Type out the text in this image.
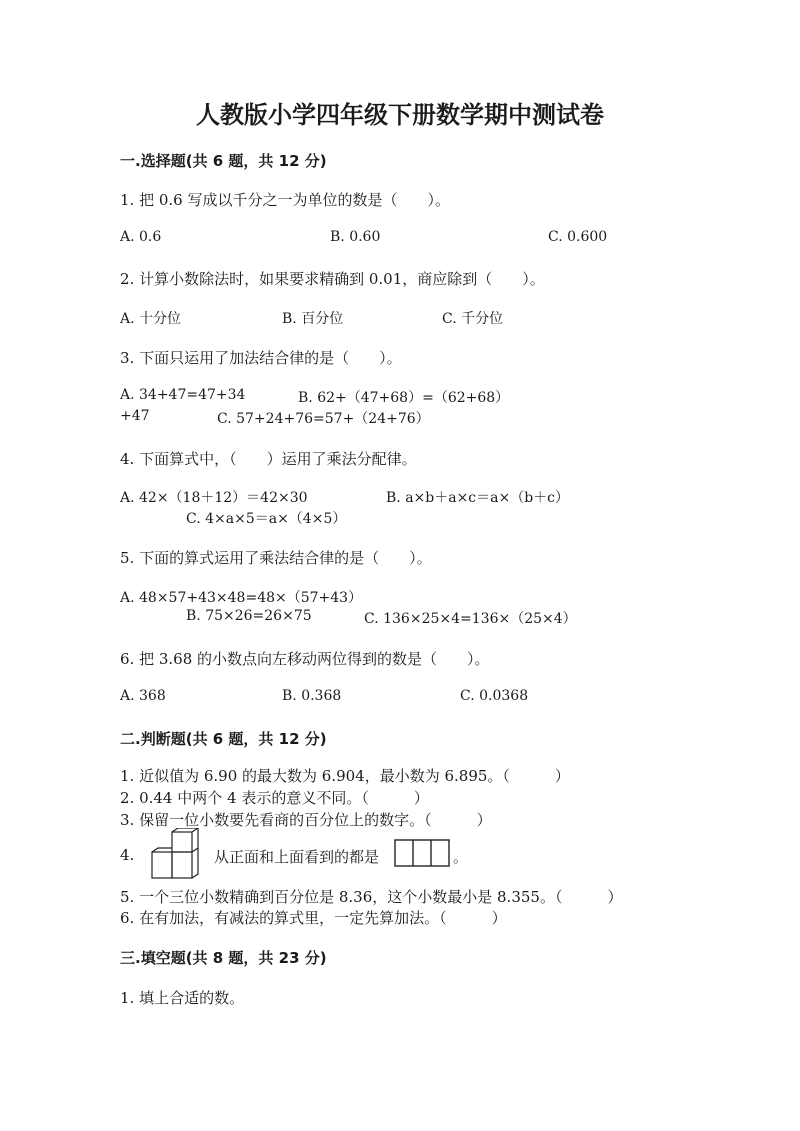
人教版小学四年级下册数学期中测试卷
一.选择题(共 6 题，共 12 分)
1. 把 0.6 写成以千分之一为单位的数是（　　）。
A. 0.6	B. 0.60	C. 0.600
2. 计算小数除法时，如果要求精确到 0.01，商应除到（　　）。
A. 十分位	B. 百分位	C. 千分位
3. 下面只运用了加法结合律的是（　　）。
A. 34+47=47+34	B. 62+（47+68）=（62+68）
+47	C. 57+24+76=57+（24+76）
4. 下面算式中，（　　）运用了乘法分配律。
A. 42×（18＋12）＝42×30	B. a×b＋a×c＝a×（b＋c）
C. 4×a×5＝a×（4×5）
5. 下面的算式运用了乘法结合律的是（　　）。
A. 48×57+43×48=48×（57+43）
B. 75×26=26×75	C. 136×25×4=136×（25×4）
6. 把 3.68 的小数点向左移动两位得到的数是（　　）。
A. 368	B. 0.368	C. 0.0368
二.判断题(共 6 题，共 12 分)
1. 近似值为 6.90 的最大数为 6.904，最小数为 6.895。（　　　）
2. 0.44 中两个 4 表示的意义不同。（　　　）
3. 保留一位小数要先看商的百分位上的数字。（　　　）
4.	从正面和上面看到的都是	。
5. 一个三位小数精确到百分位是 8.36，这个小数最小是 8.355。（　　　）
6. 在有加法，有减法的算式里，一定先算加法。（　　　）
三.填空题(共 8 题，共 23 分)
1. 填上合适的数。
